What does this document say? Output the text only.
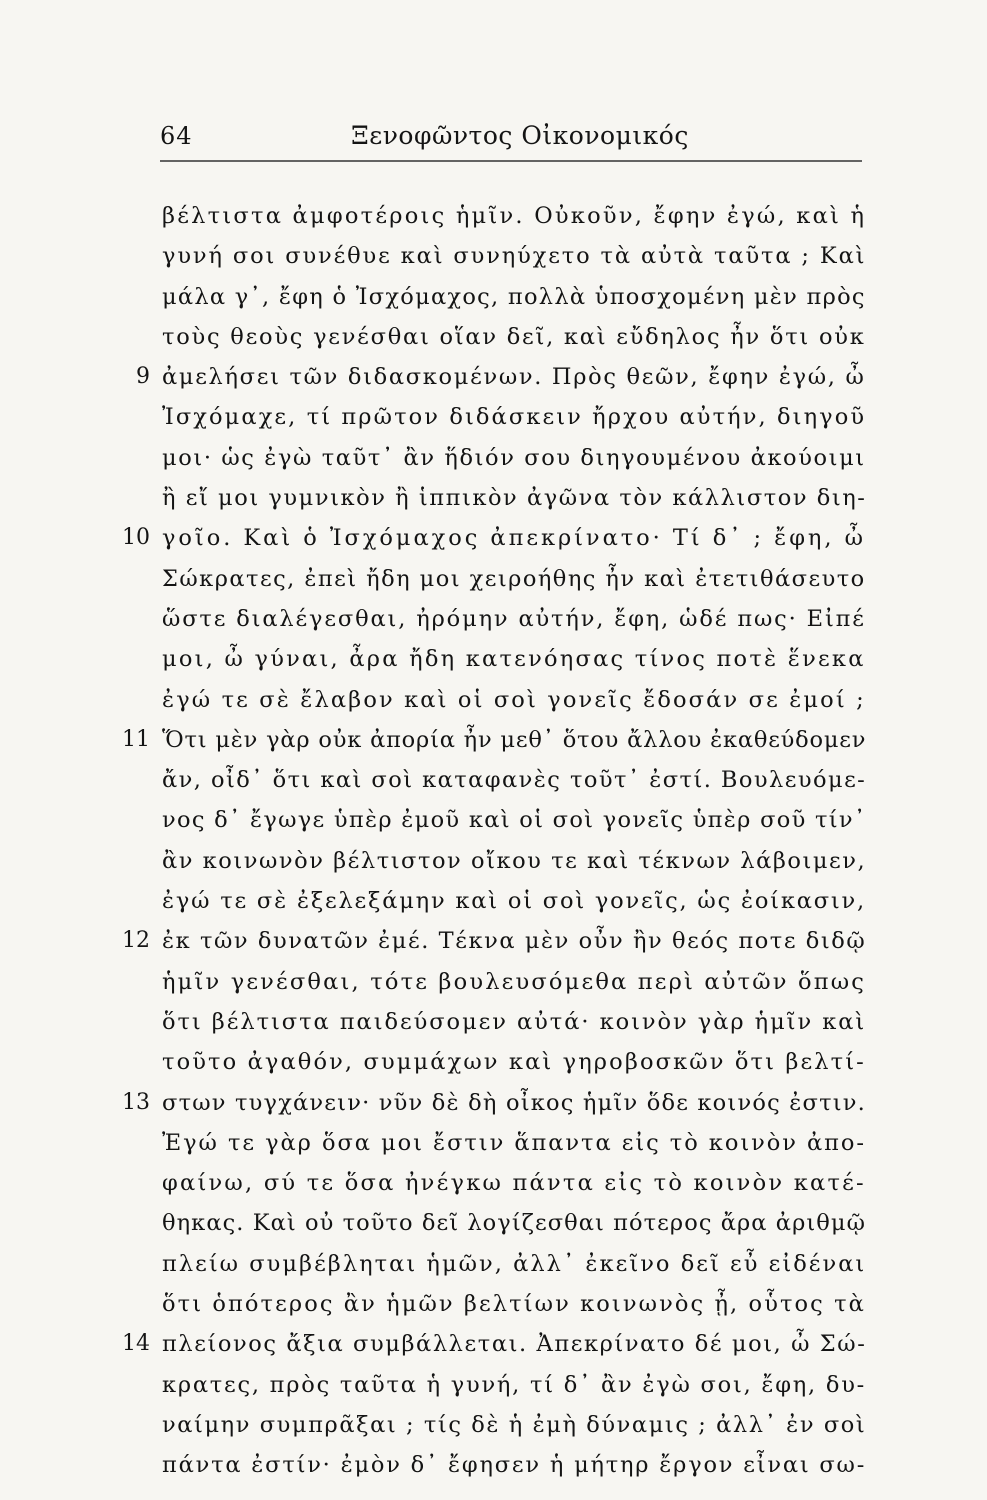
64	Ξενοφῶντος Οἰκονομικός
βέλτιστα ἀμφοτέροις ἡμῖν. Οὐκοῦν, ἔφην ἐγώ, καὶ ἡ
γυνή σοι συνέθυε καὶ συνηύχετο τὰ αὐτὰ ταῦτα ; Καὶ
μάλα γ᾽, ἔφη ὁ Ἰσχόμαχος, πολλὰ ὑποσχομένη μὲν πρὸς
τοὺς θεοὺς γενέσθαι οἵαν δεῖ, καὶ εὔδηλος ἦν ὅτι οὐκ
9 ἀμελήσει τῶν διδασκομένων. Πρὸς θεῶν, ἔφην ἐγώ, ὦ
Ἰσχόμαχε, τί πρῶτον διδάσκειν ἤρχου αὐτήν, διηγοῦ
μοι· ὡς ἐγὼ ταῦτ᾽ ἂν ἥδιόν σου διηγουμένου ἀκούοιμι
ἢ εἴ μοι γυμνικὸν ἢ ἱππικὸν ἀγῶνα τὸν κάλλιστον διη-
10 γοῖο. Καὶ ὁ Ἰσχόμαχος ἀπεκρίνατο· Τί δ᾽ ; ἔφη, ὦ
Σώκρατες, ἐπεὶ ἤδη μοι χειροήθης ἦν καὶ ἐτετιθάσευτο
ὥστε διαλέγεσθαι, ἠρόμην αὐτήν, ἔφη, ὡδέ πως· Εἰπέ
μοι, ὦ γύναι, ἆρα ἤδη κατενόησας τίνος ποτὲ ἕνεκα
ἐγώ τε σὲ ἔλαβον καὶ οἱ σοὶ γονεῖς ἔδοσάν σε ἐμοί ;
11 Ὅτι μὲν γὰρ οὐκ ἀπορία ἦν μεθ᾽ ὅτου ἄλλου ἐκαθεύδομεν
ἄν, οἶδ᾽ ὅτι καὶ σοὶ καταφανὲς τοῦτ᾽ ἐστί. Βουλευόμε-
νος δ᾽ ἔγωγε ὑπὲρ ἐμοῦ καὶ οἱ σοὶ γονεῖς ὑπὲρ σοῦ τίν᾽
ἂν κοινωνὸν βέλτιστον οἴκου τε καὶ τέκνων λάβοιμεν,
ἐγώ τε σὲ ἐξελεξάμην καὶ οἱ σοὶ γονεῖς, ὡς ἐοίκασιν,
12 ἐκ τῶν δυνατῶν ἐμέ. Τέκνα μὲν οὖν ἢν θεός ποτε διδῷ
ἡμῖν γενέσθαι, τότε βουλευσόμεθα περὶ αὐτῶν ὅπως
ὅτι βέλτιστα παιδεύσομεν αὐτά· κοινὸν γὰρ ἡμῖν καὶ
τοῦτο ἀγαθόν, συμμάχων καὶ γηροβοσκῶν ὅτι βελτί-
13 στων τυγχάνειν· νῦν δὲ δὴ οἶκος ἡμῖν ὅδε κοινός ἐστιν.
Ἐγώ τε γὰρ ὅσα μοι ἔστιν ἅπαντα εἰς τὸ κοινὸν ἀπο-
φαίνω, σύ τε ὅσα ἠνέγκω πάντα εἰς τὸ κοινὸν κατέ-
θηκας. Καὶ οὐ τοῦτο δεῖ λογίζεσθαι πότερος ἄρα ἀριθμῷ
πλείω συμβέβληται ἡμῶν, ἀλλ᾽ ἐκεῖνο δεῖ εὖ εἰδέναι
ὅτι ὁπότερος ἂν ἡμῶν βελτίων κοινωνὸς ᾖ, οὗτος τὰ
14 πλείονος ἄξια συμβάλλεται. Ἀπεκρίνατο δέ μοι, ὦ Σώ-
κρατες, πρὸς ταῦτα ἡ γυνή, τί δ᾽ ἂν ἐγὼ σοι, ἔφη, δυ-
ναίμην συμπρᾶξαι ; τίς δὲ ἡ ἐμὴ δύναμις ; ἀλλ᾽ ἐν σοὶ
πάντα ἐστίν· ἐμὸν δ᾽ ἔφησεν ἡ μήτηρ ἔργον εἶναι σω-
